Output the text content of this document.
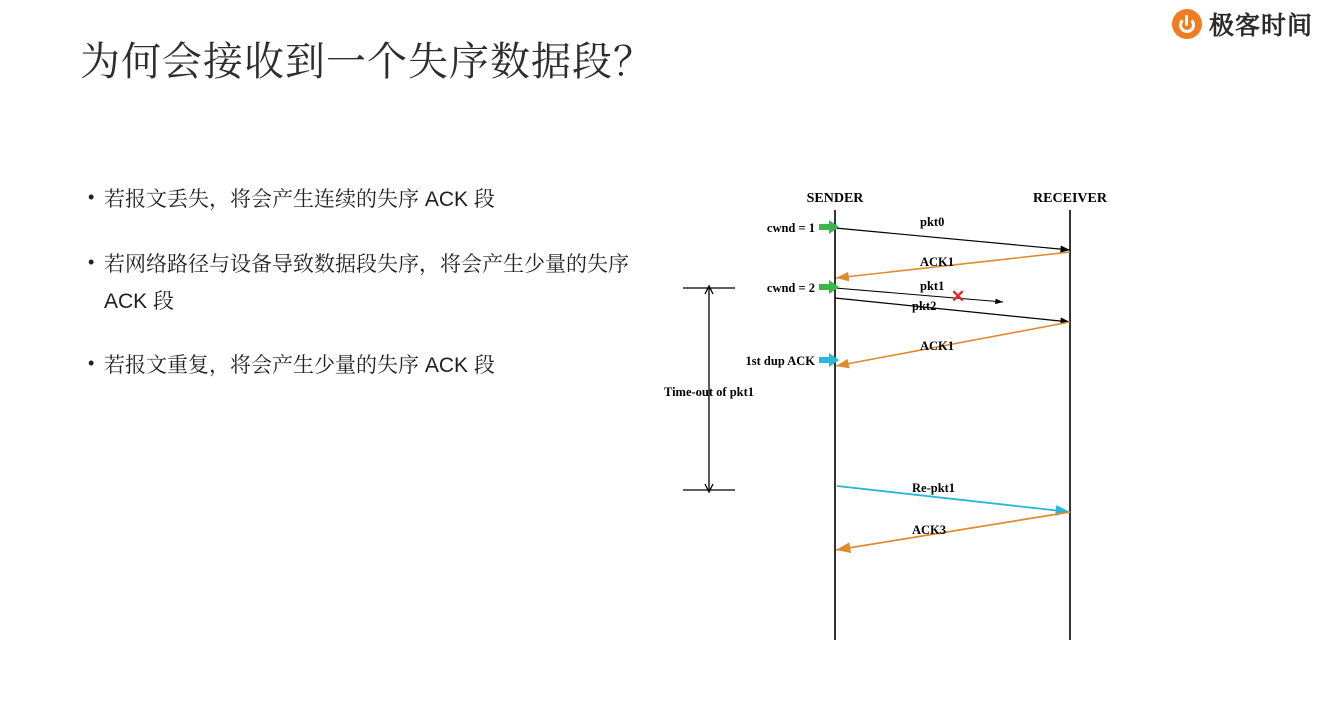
极客时间
为何会接收到一个失序数据段？
• 若报文丢失，将会产生连续的失序 ACK 段
• 若网络路径与设备导致数据段失序，将会产生少量的失序 ACK 段
• 若报文重复，将会产生少量的失序 ACK 段
SENDER	RECEIVER
pkt0
ACK1
pkt1
✕
pkt2
ACK1
Re-pkt1
ACK3
cwnd = 1
cwnd = 2
1st dup ACK
Time-out of pkt1
